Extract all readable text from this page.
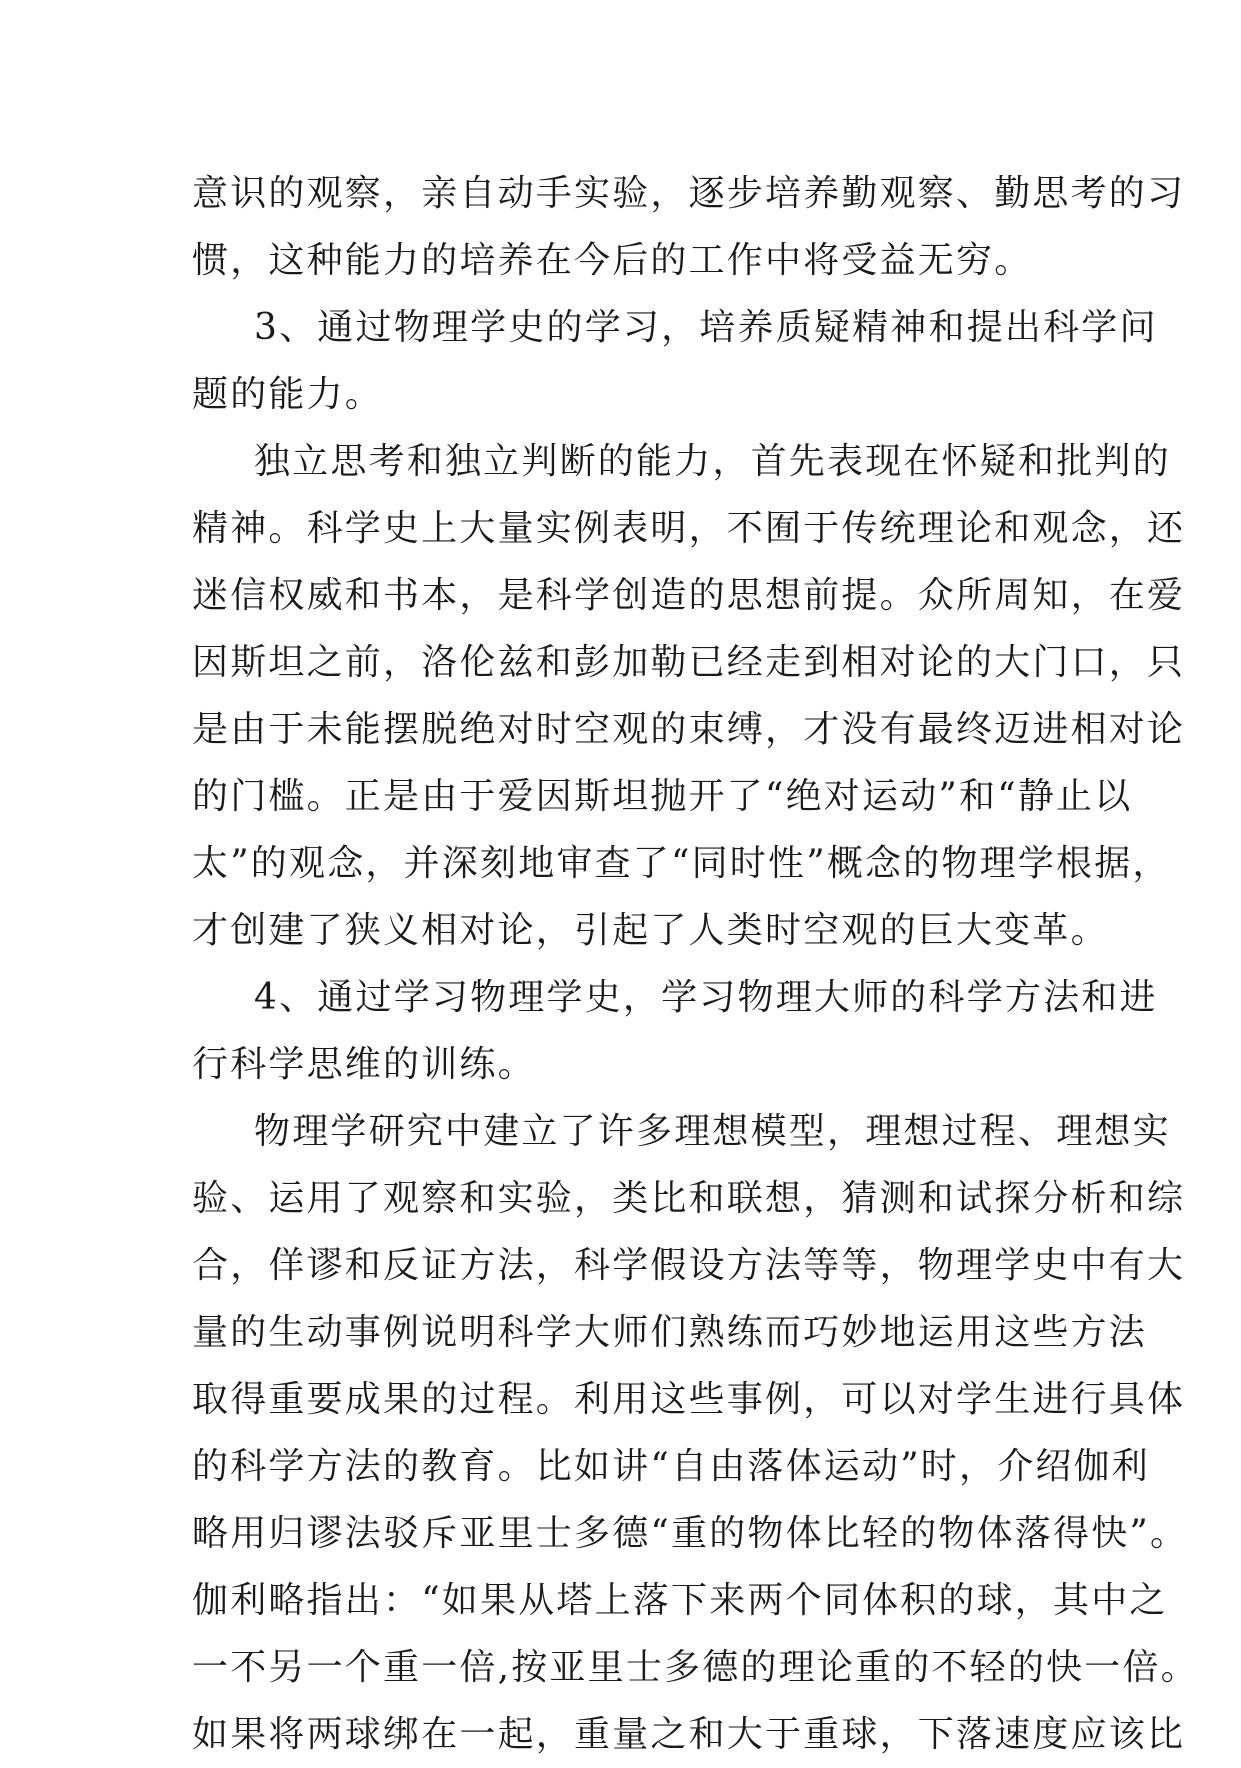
意识的观察，亲自动手实验，逐步培养勤观察、勤思考的习
惯，这种能力的培养在今后的工作中将受益无穷。
3、通过物理学史的学习，培养质疑精神和提出科学问
题的能力。
独立思考和独立判断的能力，首先表现在怀疑和批判的
精神。科学史上大量实例表明，不囿于传统理论和观念，还
迷信权威和书本，是科学创造的思想前提。众所周知，在爱
因斯坦之前，洛伦兹和彭加勒已经走到相对论的大门口，只
是由于未能摆脱绝对时空观的束缚，才没有最终迈进相对论
的门槛。正是由于爱因斯坦抛开了“绝对运动”和“静止以
太”的观念，并深刻地审查了“同时性”概念的物理学根据，
才创建了狭义相对论，引起了人类时空观的巨大变革。
4、通过学习物理学史，学习物理大师的科学方法和进
行科学思维的训练。
物理学研究中建立了许多理想模型，理想过程、理想实
验、运用了观察和实验，类比和联想，猜测和试探分析和综
合，佯谬和反证方法，科学假设方法等等，物理学史中有大
量的生动事例说明科学大师们熟练而巧妙地运用这些方法
取得重要成果的过程。利用这些事例，可以对学生进行具体
的科学方法的教育。比如讲“自由落体运动”时，介绍伽利
略用归谬法驳斥亚里士多德“重的物体比轻的物体落得快”。
伽利略指出：“如果从塔上落下来两个同体积的球，其中之
一不另一个重一倍,按亚里士多德的理论重的不轻的快一倍。
如果将两球绑在一起，重量之和大于重球，下落速度应该比
